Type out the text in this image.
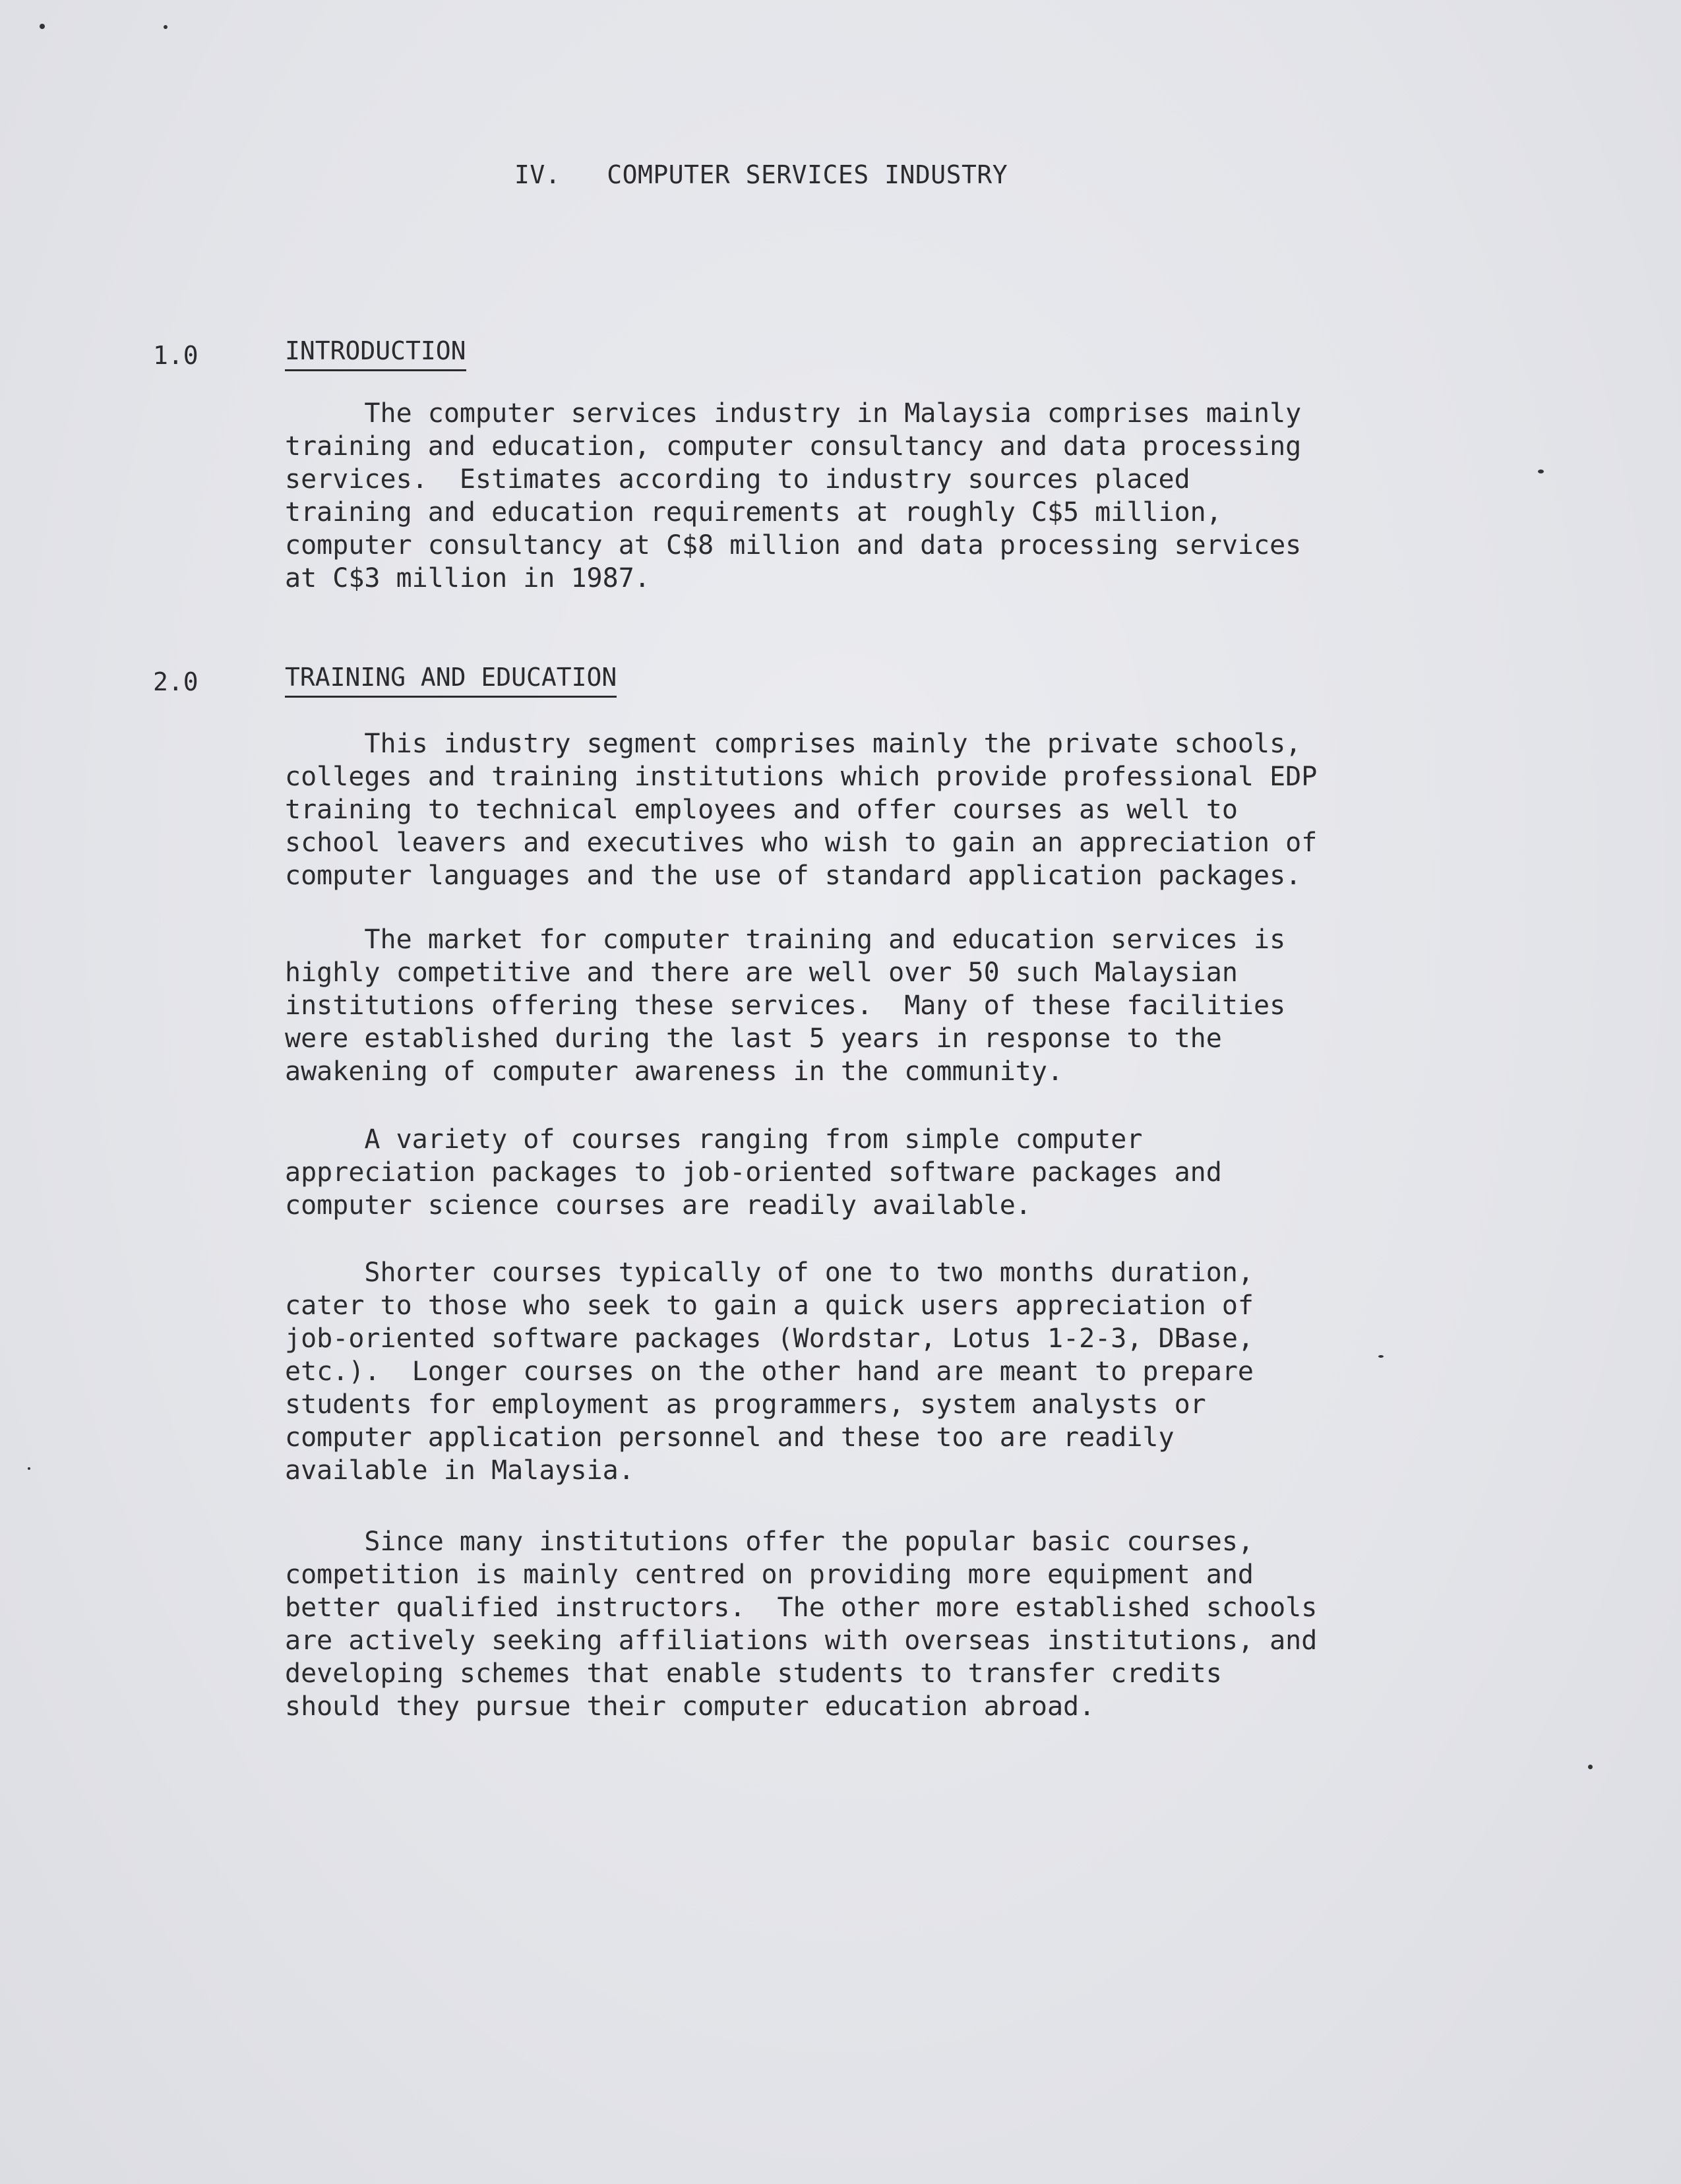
IV.   COMPUTER SERVICES INDUSTRY
1.0	INTRODUCTION

The computer services industry in Malaysia comprises mainly
training and education, computer consultancy and data processing
services.  Estimates according to industry sources placed
training and education requirements at roughly C$5 million,
computer consultancy at C$8 million and data processing services
at C$3 million in 1987.

2.0	TRAINING AND EDUCATION

This industry segment comprises mainly the private schools,
colleges and training institutions which provide professional EDP
training to technical employees and offer courses as well to
school leavers and executives who wish to gain an appreciation of
computer languages and the use of standard application packages.

The market for computer training and education services is
highly competitive and there are well over 50 such Malaysian
institutions offering these services.  Many of these facilities
were established during the last 5 years in response to the
awakening of computer awareness in the community.

A variety of courses ranging from simple computer
appreciation packages to job-oriented software packages and
computer science courses are readily available.

Shorter courses typically of one to two months duration,
cater to those who seek to gain a quick users appreciation of
job-oriented software packages (Wordstar, Lotus 1-2-3, DBase,
etc.).  Longer courses on the other hand are meant to prepare
students for employment as programmers, system analysts or
computer application personnel and these too are readily
available in Malaysia.

Since many institutions offer the popular basic courses,
competition is mainly centred on providing more equipment and
better qualified instructors.  The other more established schools
are actively seeking affiliations with overseas institutions, and
developing schemes that enable students to transfer credits
should they pursue their computer education abroad.
